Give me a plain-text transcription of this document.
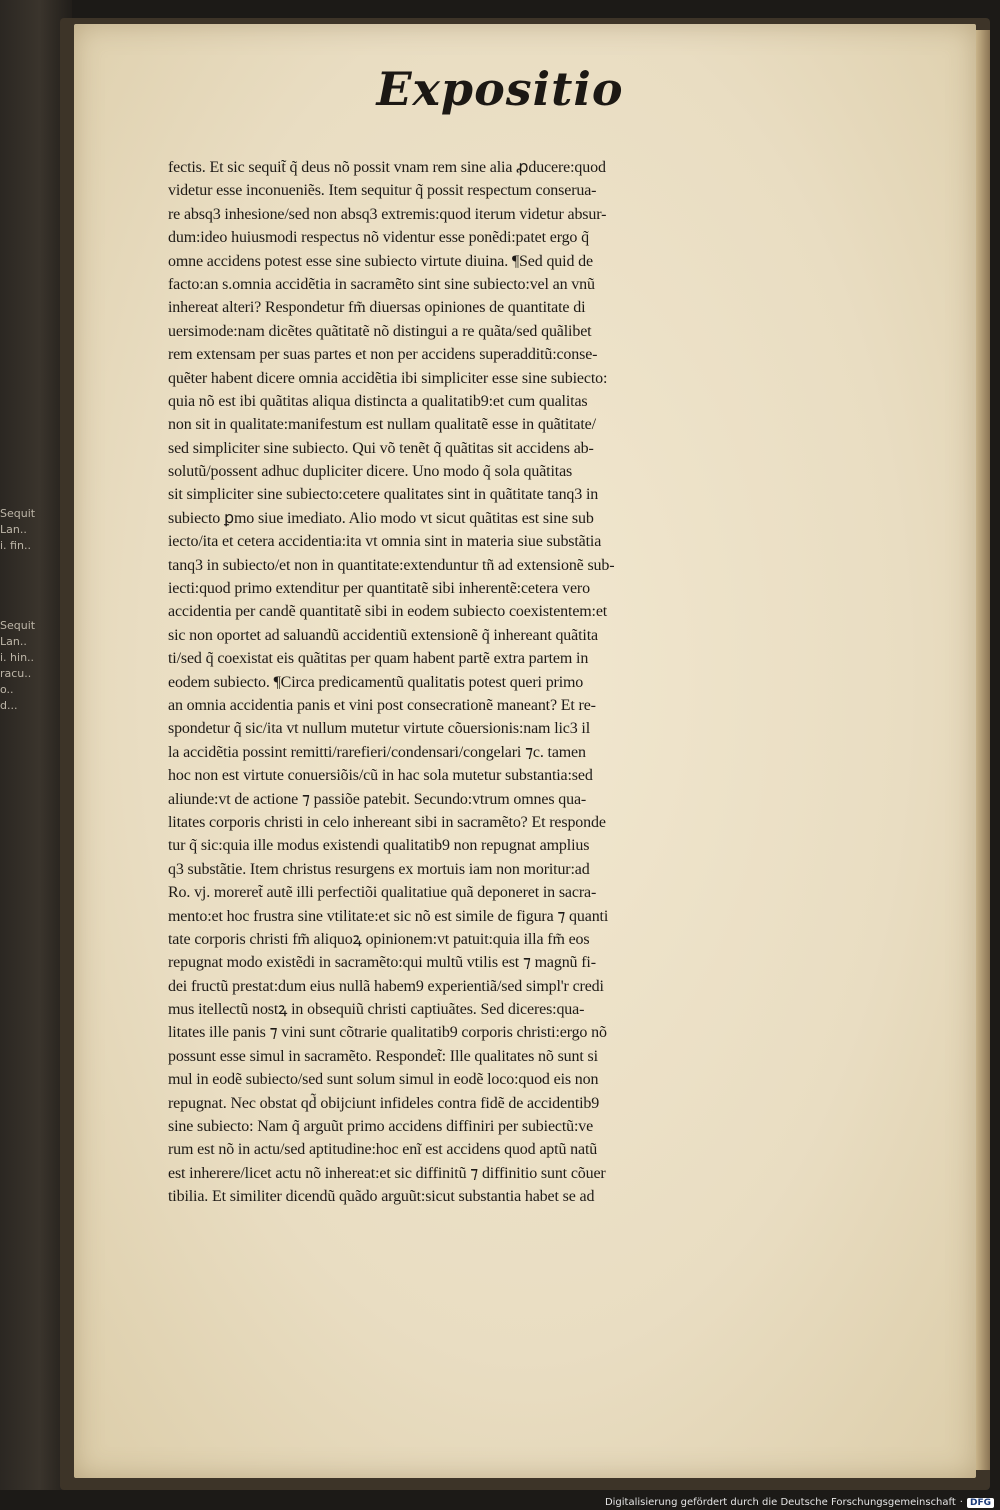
Sequit
Lan..
i. fin..
Sequit
Lan..
i. hin..
racu..
o..
d...
Expositio
fectis. Et sic sequit̃ q̃ deus nõ possit vnam rem sine alia ꝓducere:quod
videtur esse inconueniẽs. Item sequitur q̃ possit respectum conserua-
re absq3 inhesione/sed non absq3 extremis:quod iterum videtur absur-
dum:ideo huiusmodi respectus nõ videntur esse ponẽdi:patet ergo q̃
omne accidens potest esse sine subiecto virtute diuina. ¶Sed quid de
facto:an s.omnia accidẽtia in sacramẽto sint sine subiecto:vel an vnũ
inhereat alteri? Respondetur fm̃ diuersas opiniones de quantitate di
uersimode:nam dicẽtes quãtitatẽ nõ distingui a re quãta/sed quãlibet
rem extensam per suas partes et non per accidens superadditũ:conse-
quẽter habent dicere omnia accidẽtia ibi simpliciter esse sine subiecto:
quia nõ est ibi quãtitas aliqua distincta a qualitatib9:et cum qualitas
non sit in qualitate:manifestum est nullam qualitatẽ esse in quãtitate/
sed simpliciter sine subiecto. Qui võ tenẽt q̃ quãtitas sit accidens ab-
solutũ/possent adhuc dupliciter dicere. Uno modo q̃ sola quãtitas
sit simpliciter sine subiecto:cetere qualitates sint in quãtitate tanq3 in
subiecto ꝑmo siue imediato. Alio modo vt sicut quãtitas est sine sub
iecto/ita et cetera accidentia:ita vt omnia sint in materia siue substãtia
tanq3 in subiecto/et non in quantitate:extenduntur tñ ad extensionẽ sub-
iecti:quod primo extenditur per quantitatẽ sibi inherentẽ:cetera vero
accidentia per candẽ quantitatẽ sibi in eodem subiecto coexistentem:et
sic non oportet ad saluandũ accidentiũ extensionẽ q̃ inhereant quãtita
ti/sed q̃ coexistat eis quãtitas per quam habent partẽ extra partem in
eodem subiecto. ¶Circa predicamentũ qualitatis potest queri primo
an omnia accidentia panis et vini post consecrationẽ maneant? Et re-
spondetur q̃ sic/ita vt nullum mutetur virtute cõuersionis:nam lic3 il
la accidẽtia possint remitti/rarefieri/condensari/congelari ⁊c. tamen
hoc non est virtute conuersiõis/cũ in hac sola mutetur substantia:sed
aliunde:vt de actione ⁊ passiõe patebit. Secundo:vtrum omnes qua-
litates corporis christi in celo inhereant sibi in sacramẽto? Et responde
tur q̃ sic:quia ille modus existendi qualitatib9 non repugnat amplius
q3 substãtie. Item christus resurgens ex mortuis iam non moritur:ad
Ro. vj. moreret̃ autẽ illi perfectiõi qualitatiue quã deponeret in sacra-
mento:et hoc frustra sine vtilitate:et sic nõ est simile de figura ⁊ quanti
tate corporis christi fm̃ aliquoꝝ opinionem:vt patuit:quia illa fm̃ eos
repugnat modo existẽdi in sacramẽto:qui multũ vtilis est ⁊ magnũ fi-
dei fructũ prestat:dum eius nullã habem9 experientiã/sed simpl'r credi
mus itellectũ nostꝝ in obsequiũ christi captiuãtes. Sed diceres:qua-
litates ille panis ⁊ vini sunt cõtrarie qualitatib9 corporis christi:ergo nõ
possunt esse simul in sacramẽto. Respondet̃: Ille qualitates nõ sunt si
mul in eodẽ subiecto/sed sunt solum simul in eodẽ loco:quod eis non
repugnat. Nec obstat qd̃ obijciunt infideles contra fidẽ de accidentib9
sine subiecto: Nam q̃ arguũt primo accidens diffiniri per subiectũ:ve
rum est nõ in actu/sed aptitudine:hoc enĩ est accidens quod aptũ natũ
est inherere/licet actu nõ inhereat:et sic diffinitũ ⁊ diffinitio sunt cõuer
tibilia. Et similiter dicendũ quãdo arguũt:sicut substantia habet se ad
Digitalisierung gefördert durch die Deutsche Forschungsgemeinschaft · DFG
